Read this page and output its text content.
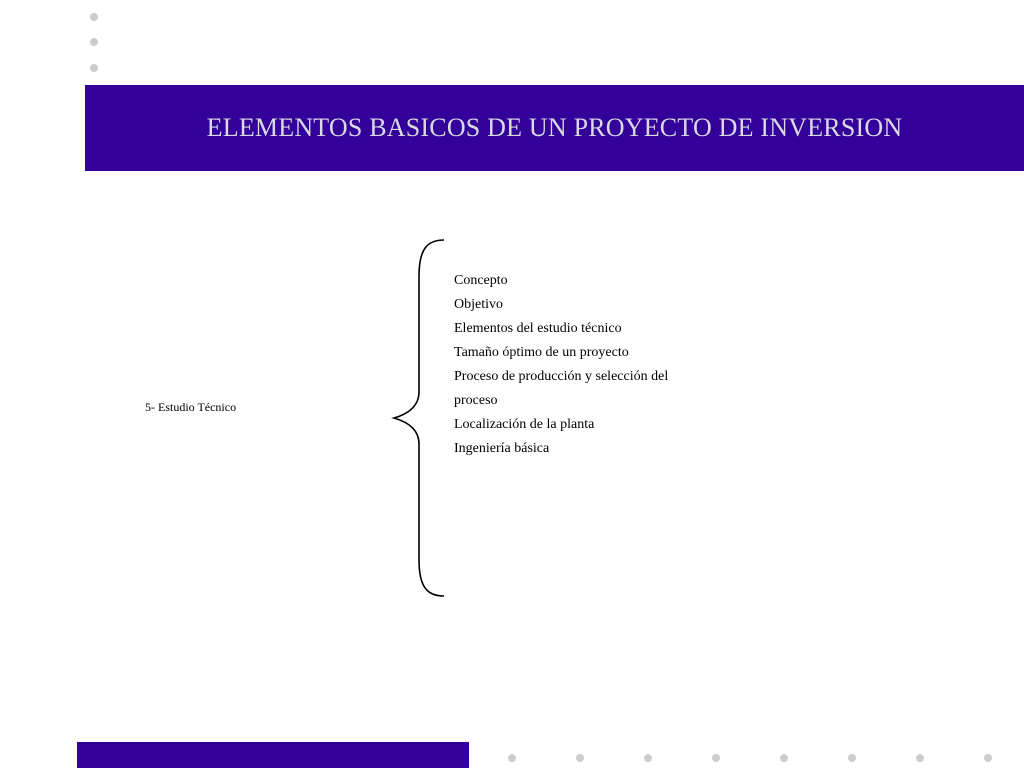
ELEMENTOS BASICOS DE UN PROYECTO DE INVERSION
5- Estudio Técnico
Concepto
Objetivo
Elementos del estudio técnico
Tamaño óptimo de un proyecto
Proceso de producción y selección del proceso
Localización de la planta
Ingeniería básica
